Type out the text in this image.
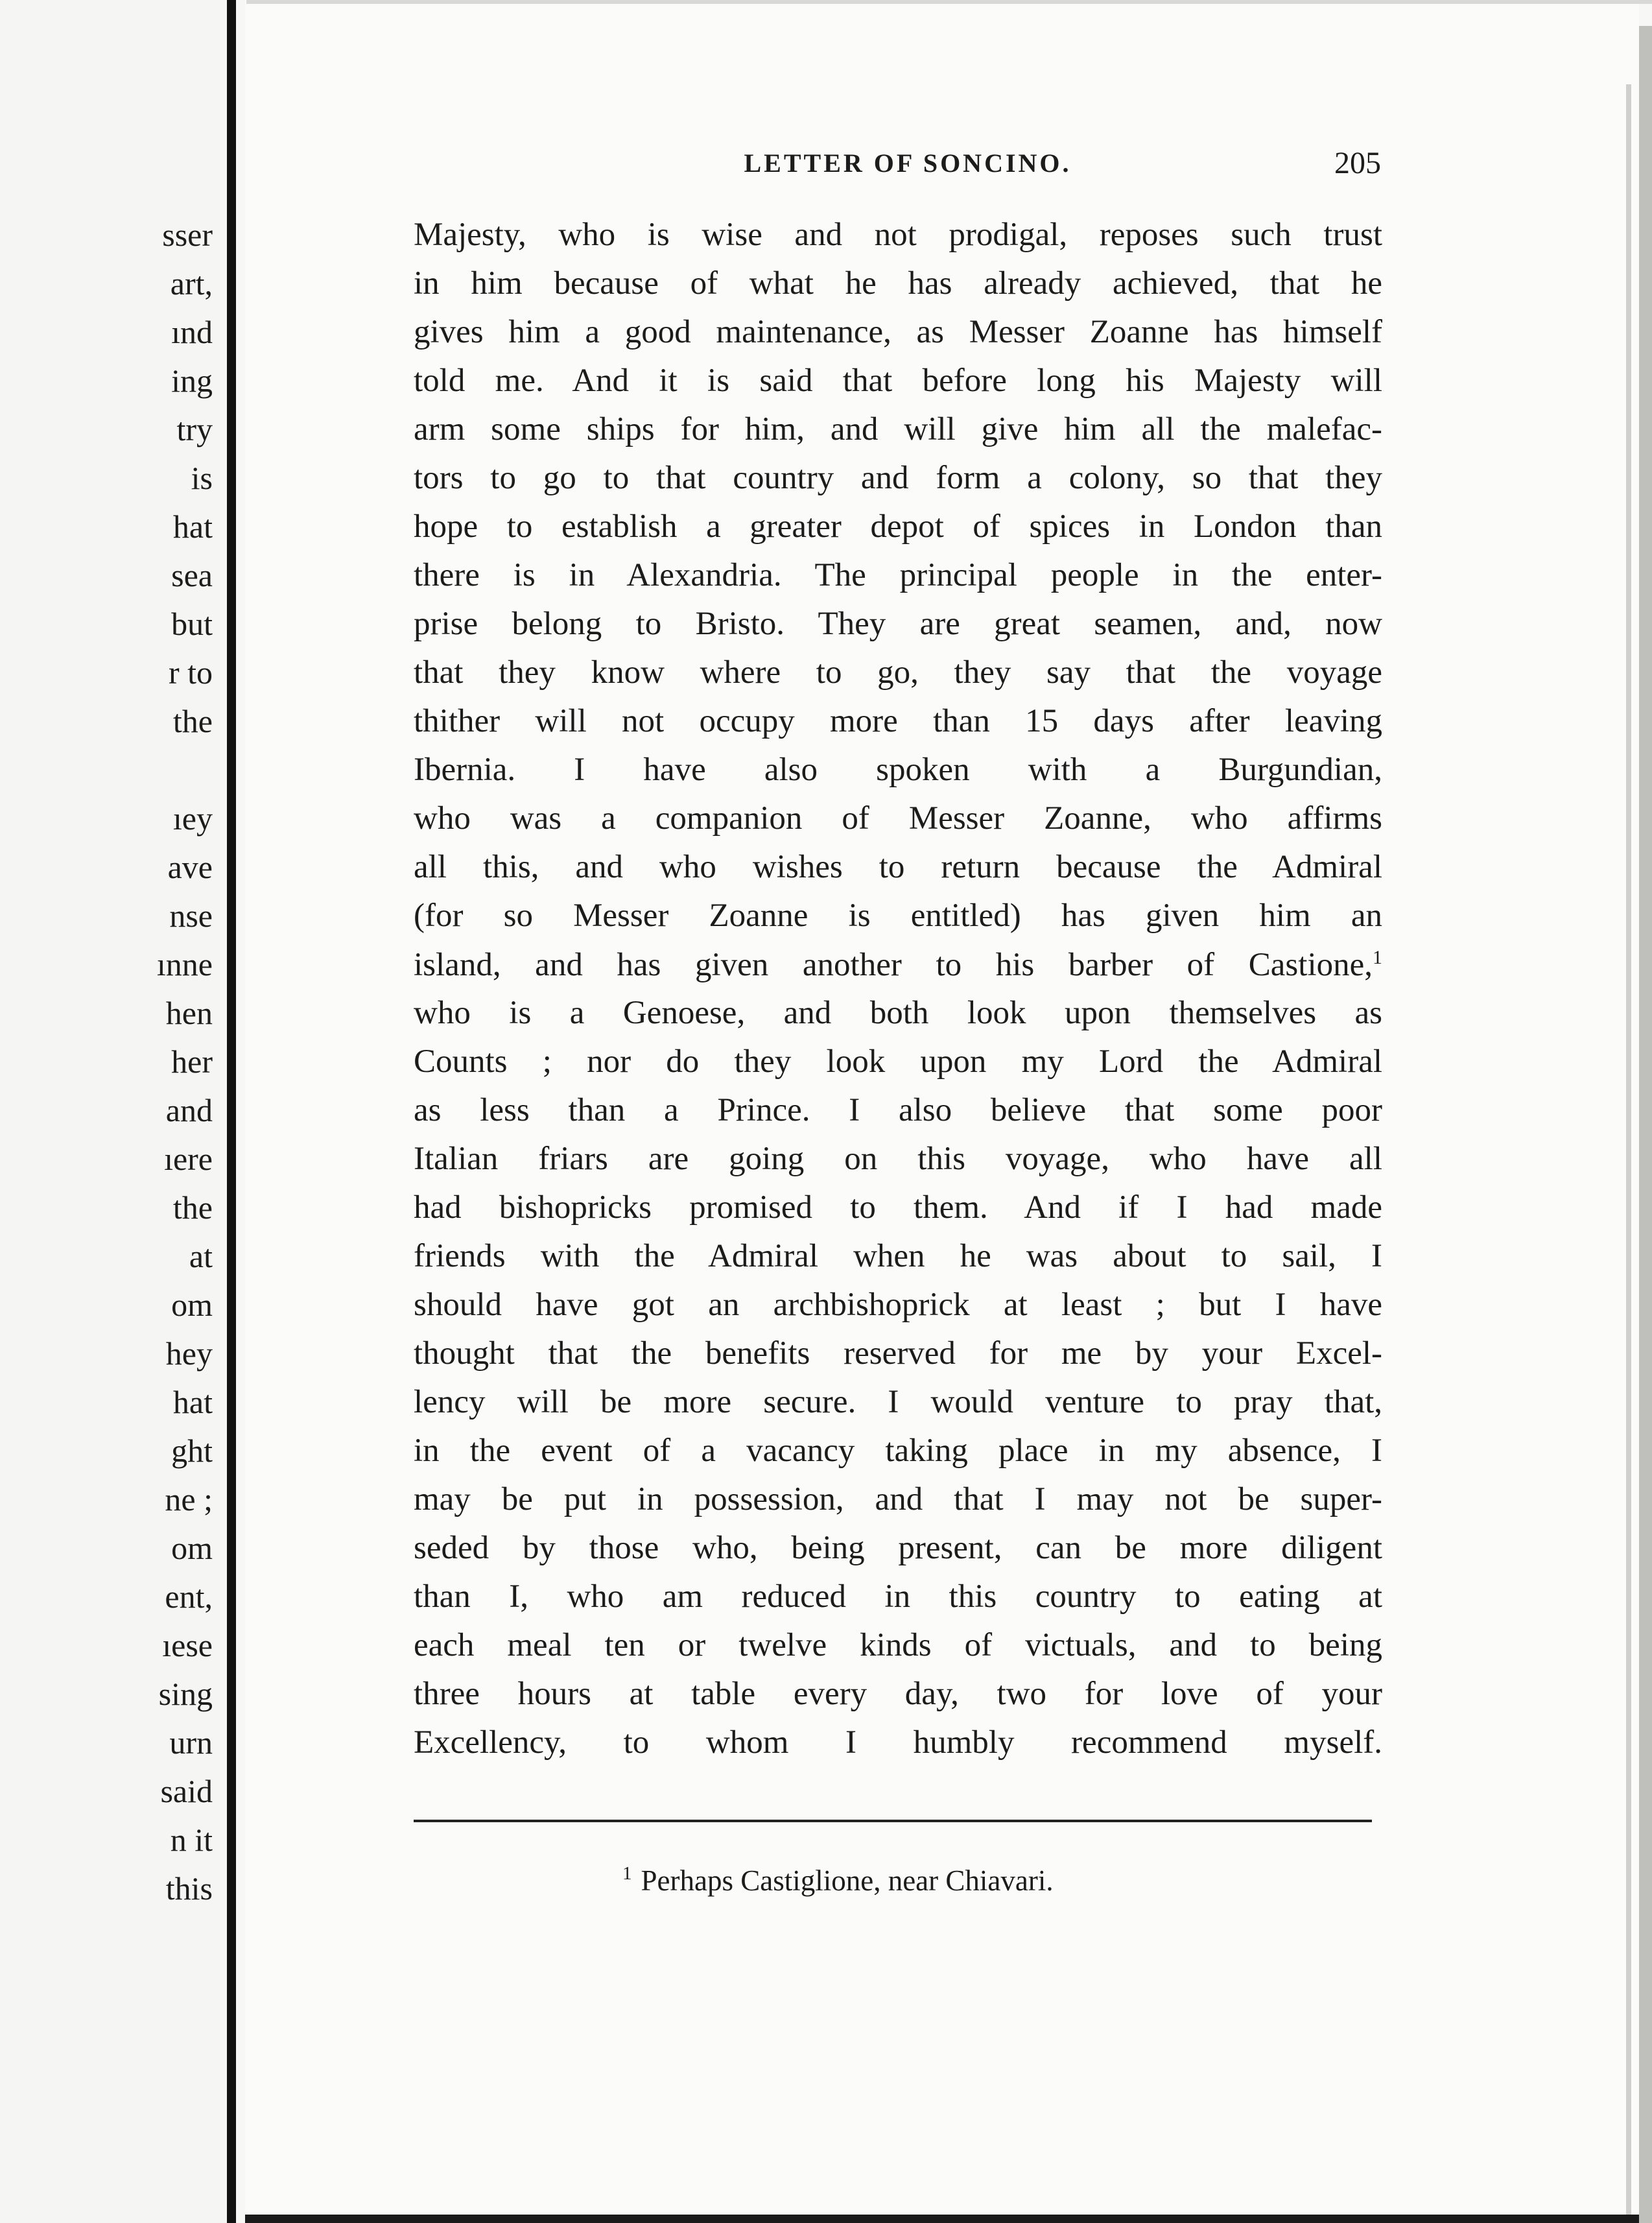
sser

art,

ınd

ing

try

is

hat

sea

but

r to

the

ıey

ave

nse

ınne

hen

her

and

ıere

the

at

om

hey

hat

ght

ne ;

om

ent,

ıese

sing

urn

said

n it

this

LETTER OF SONCINO.	205

Majesty, who is wise and not prodigal, reposes such trust

in him because of what he has already achieved, that he

gives him a good maintenance, as Messer Zoanne has himself

told me. And it is said that before long his Majesty will

arm some ships for him, and will give him all the malefac-

tors to go to that country and form a colony, so that they

hope to establish a greater depot of spices in London than

there is in Alexandria. The principal people in the enter-

prise belong to Bristo. They are great seamen, and, now

that they know where to go, they say that the voyage

thither will not occupy more than 15 days after leaving

Ibernia. I have also spoken with a Burgundian,

who was a companion of Messer Zoanne, who affirms

all this, and who wishes to return because the Admiral

(for so Messer Zoanne is entitled) has given him an

island, and has given another to his barber of Castione,$^1$

who is a Genoese, and both look upon themselves as

Counts ; nor do they look upon my Lord the Admiral

as less than a Prince. I also believe that some poor

Italian friars are going on this voyage, who have all

had bishopricks promised to them. And if I had made

friends with the Admiral when he was about to sail, I

should have got an archbishoprick at least ; but I have

thought that the benefits reserved for me by your Excel-

lency will be more secure. I would venture to pray that,

in the event of a vacancy taking place in my absence, I

may be put in possession, and that I may not be super-

seded by those who, being present, can be more diligent

than I, who am reduced in this country to eating at

each meal ten or twelve kinds of victuals, and to being

three hours at table every day, two for love of your

Excellency, to whom I humbly recommend myself.

$^1$ Perhaps Castiglione, near Chiavari.
